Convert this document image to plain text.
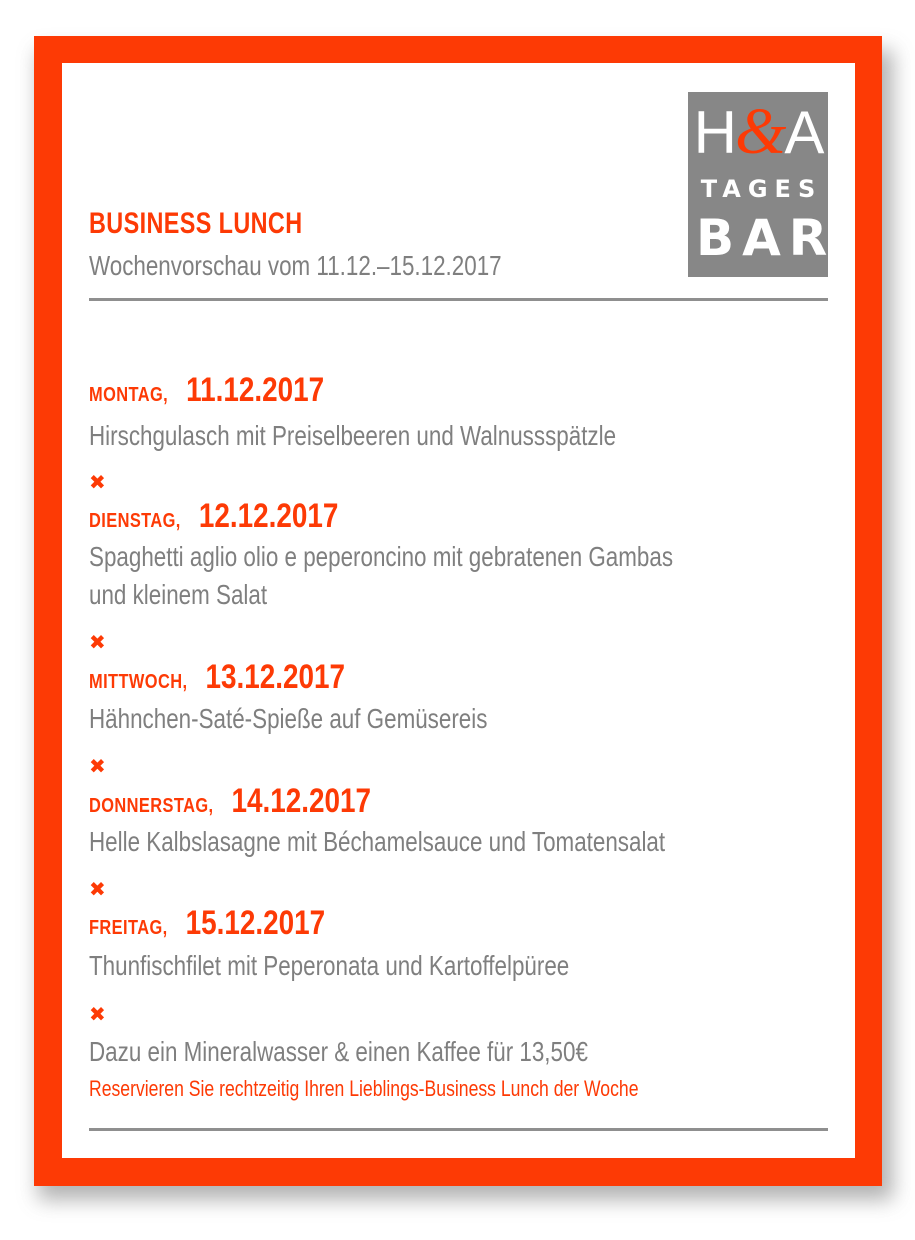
H&A
TAGES
BAR
BUSINESS LUNCH
Wochenvorschau vom 11.12.–15.12.2017
MONTAG, 11.12.2017
Hirschgulasch mit Preiselbeeren und Walnussspätzle
✖
DIENSTAG, 12.12.2017
Spaghetti aglio olio e peperoncino mit gebratenen Gambas
und kleinem Salat
✖
MITTWOCH, 13.12.2017
Hähnchen-Saté-Spieße auf Gemüsereis
✖
DONNERSTAG, 14.12.2017
Helle Kalbslasagne mit Béchamelsauce und Tomatensalat
✖
FREITAG, 15.12.2017
Thunfischfilet mit Peperonata und Kartoffelpüree
✖
Dazu ein Mineralwasser & einen Kaffee für 13,50€
Reservieren Sie rechtzeitig Ihren Lieblings-Business Lunch der Woche
